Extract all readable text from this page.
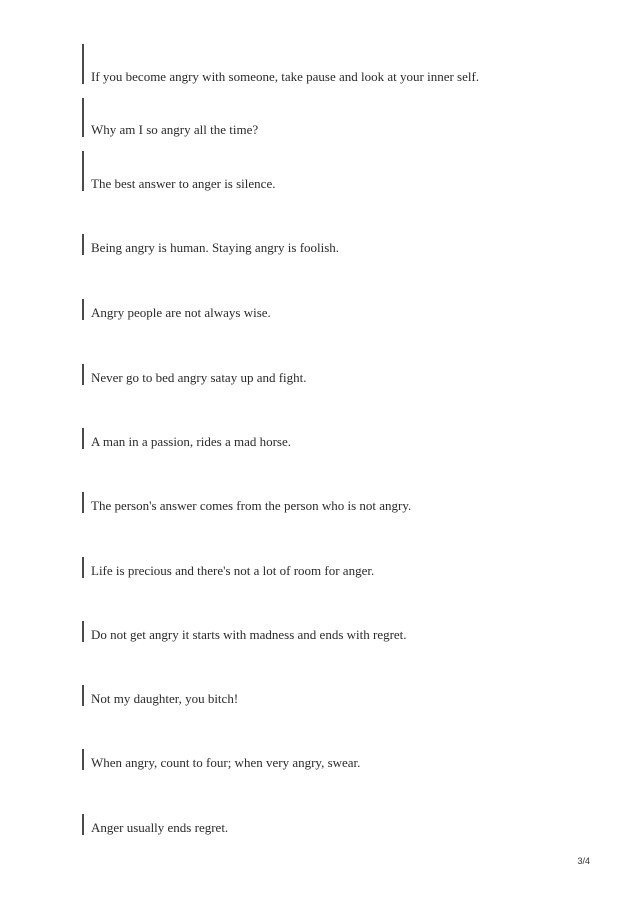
If you become angry with someone, take pause and look at your inner self.
Why am I so angry all the time?
The best answer to anger is silence.
Being angry is human. Staying angry is foolish.
Angry people are not always wise.
Never go to bed angry satay up and fight.
A man in a passion, rides a mad horse.
The person's answer comes from the person who is not angry.
Life is precious and there's not a lot of room for anger.
Do not get angry it starts with madness and ends with regret.
Not my daughter, you bitch!
When angry, count to four; when very angry, swear.
Anger usually ends regret.
3/4
